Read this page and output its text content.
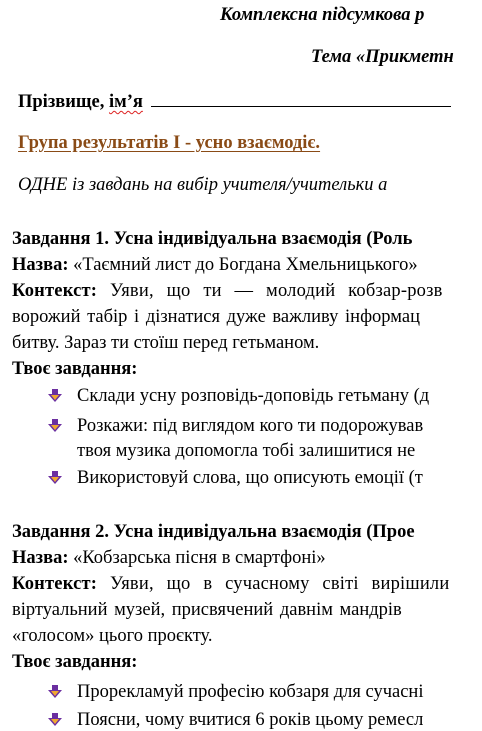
Комплексна підсумкова р
Тема «Прикметн
Прізвище, ім’я
Група результатів І - усно взаємодіє.
ОДНЕ із завдань на вибір учителя/учительки а
Завдання 1. Усна індивідуальна взаємодія (Роль
Назва: «Таємний лист до Богдана Хмельницького»
Контекст: Уяви, що ти — молодий кобзар-розв
ворожий табір і дізнатися дуже важливу інформац
битву. Зараз ти стоїш перед гетьманом.
Твоє завдання:
Склади усну розповідь-доповідь гетьману (д
Розкажи: під виглядом кого ти подорожував
твоя музика допомогла тобі залишитися не
Використовуй слова, що описують емоції (т
Завдання 2. Усна індивідуальна взаємодія (Прое
Назва: «Кобзарська пісня в смартфоні»
Контекст: Уяви, що в сучасному світі вирішили
віртуальний музей, присвячений давнім мандрів
«голосом» цього проєкту.
Твоє завдання:
Прорекламуй професію кобзаря для сучасні
Поясни, чому вчитися 6 років цьому ремесл
